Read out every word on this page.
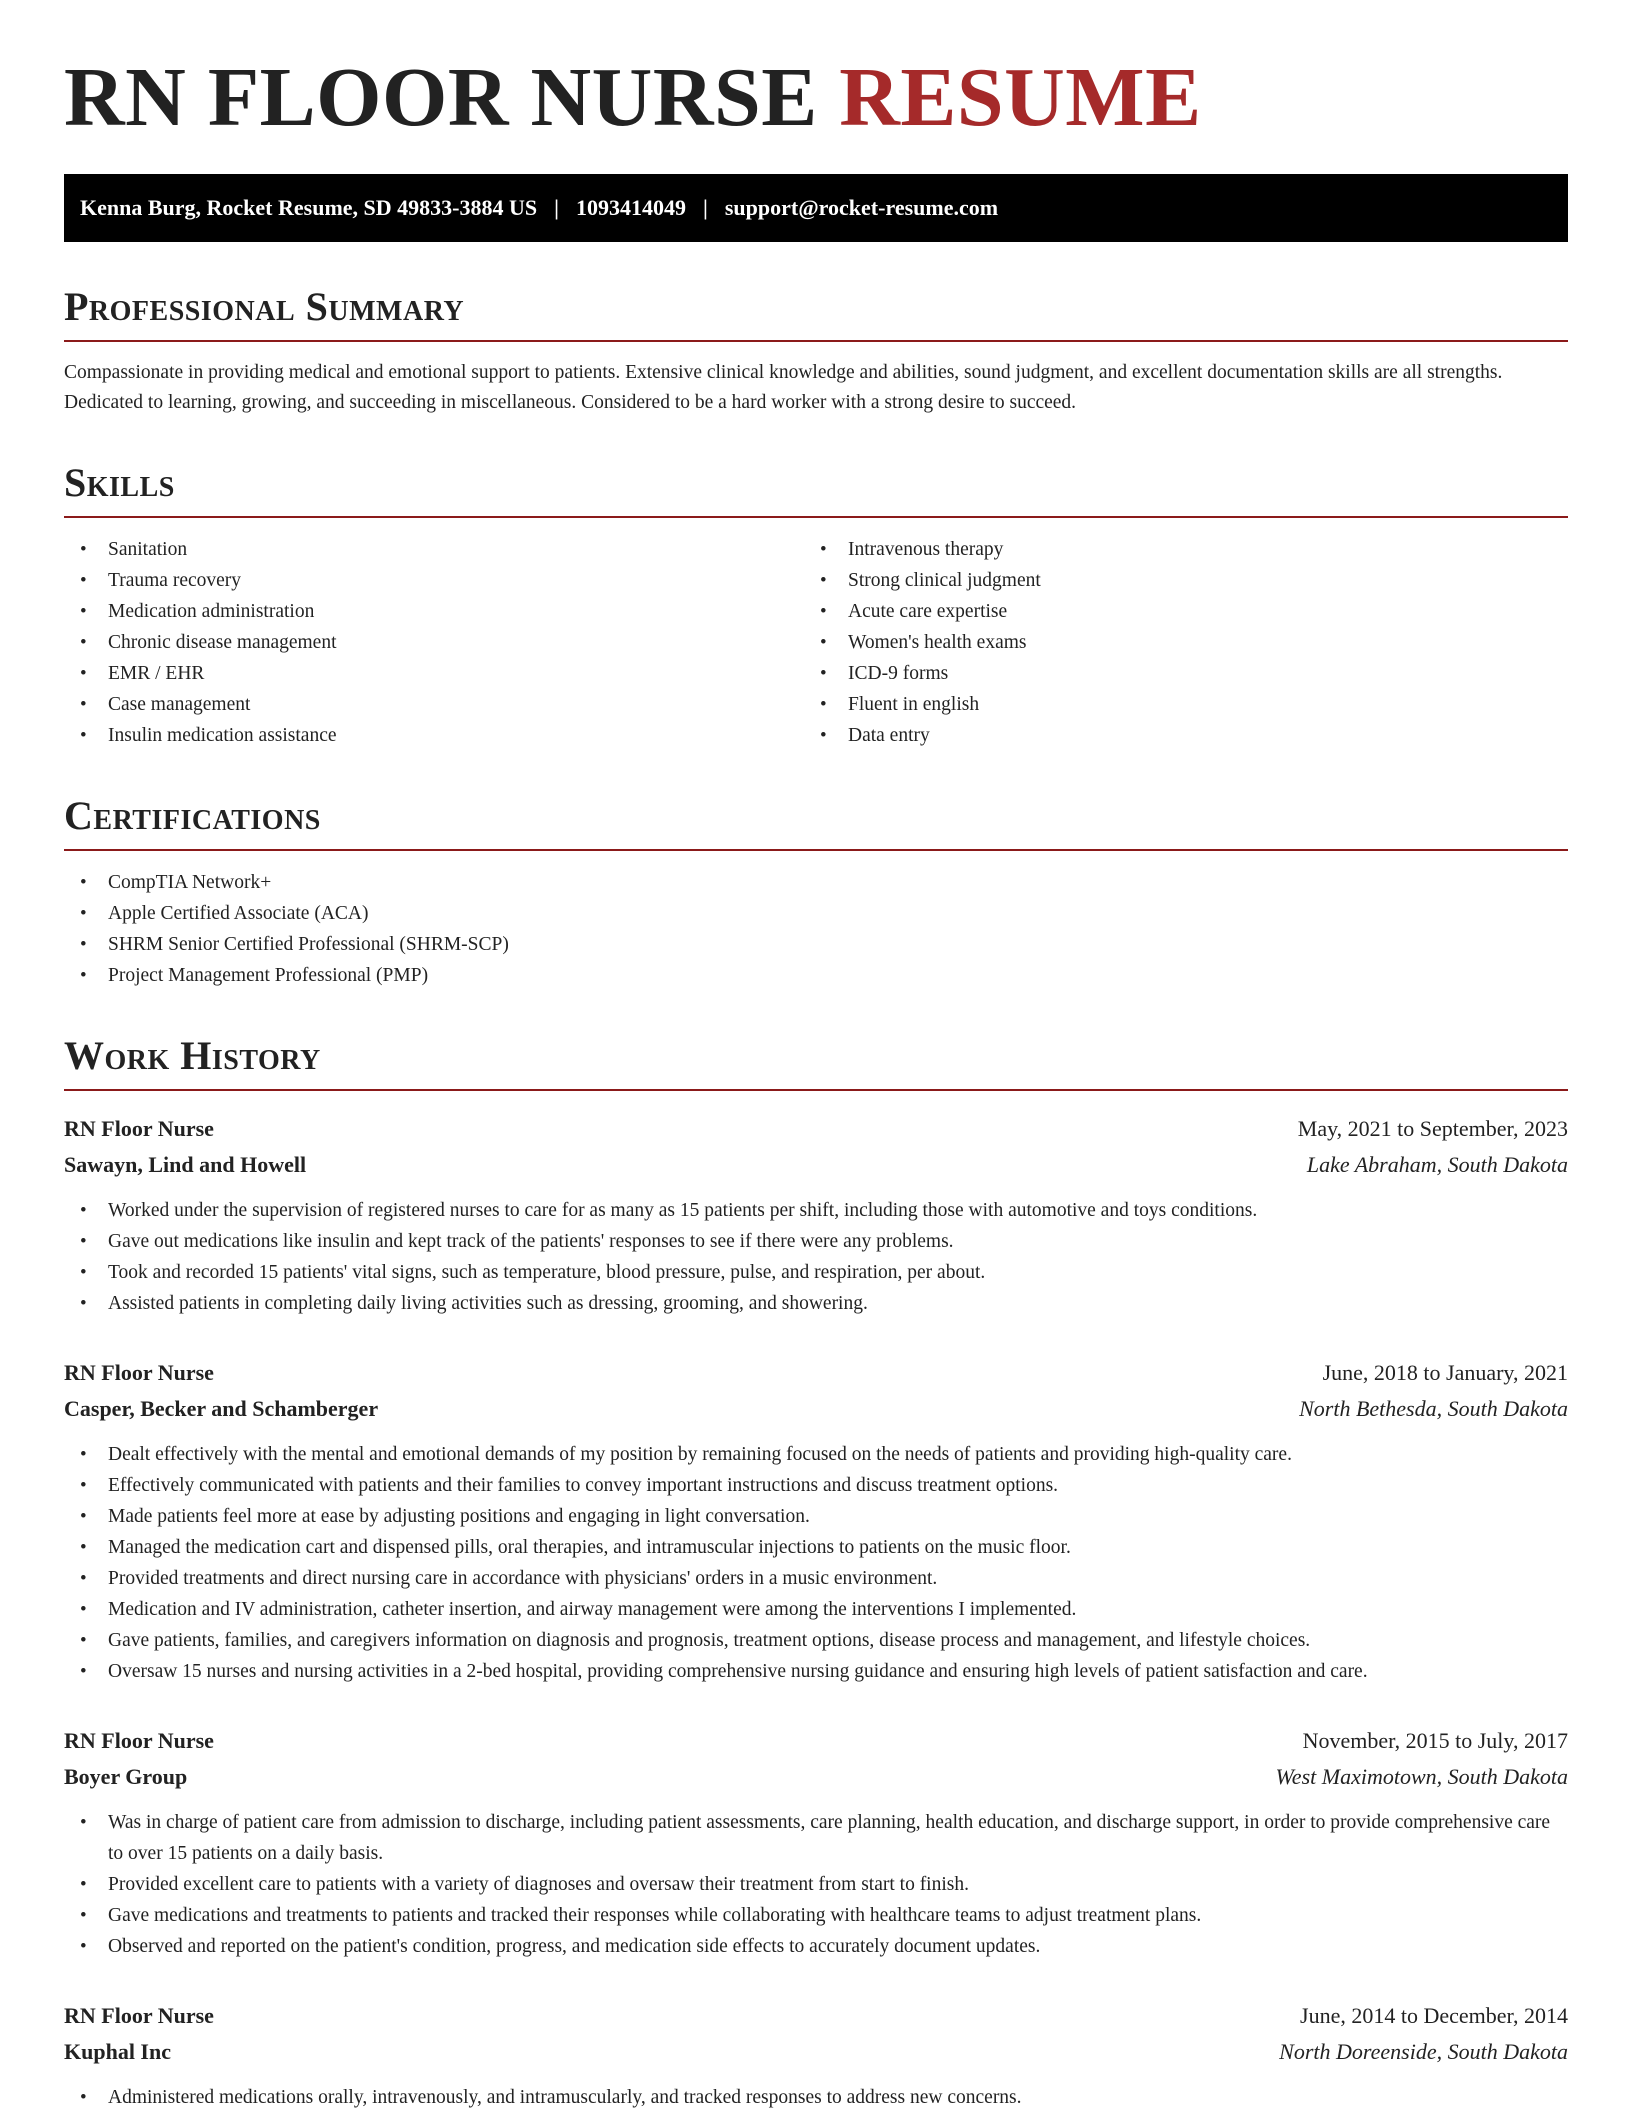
RN FLOOR NURSE RESUME
Kenna Burg, Rocket Resume, SD 49833-3884 US | 1093414049 | support@rocket-resume.com
Professional Summary

Compassionate in providing medical and emotional support to patients. Extensive clinical knowledge and abilities, sound judgment, and excellent documentation skills are all strengths. Dedicated to learning, growing, and succeeding in miscellaneous. Considered to be a hard worker with a strong desire to succeed.

Skills
• Sanitation
• Trauma recovery
• Medication administration
• Chronic disease management
• EMR / EHR
• Case management
• Insulin medication assistance
• Intravenous therapy
• Strong clinical judgment
• Acute care expertise
• Women's health exams
• ICD-9 forms
• Fluent in english
• Data entry
Certifications
• CompTIA Network+
• Apple Certified Associate (ACA)
• SHRM Senior Certified Professional (SHRM-SCP)
• Project Management Professional (PMP)
Work History
RN Floor Nurse	May, 2021 to September, 2023
Sawayn, Lind and Howell	Lake Abraham, South Dakota
• Worked under the supervision of registered nurses to care for as many as 15 patients per shift, including those with automotive and toys conditions.
• Gave out medications like insulin and kept track of the patients' responses to see if there were any problems.
• Took and recorded 15 patients' vital signs, such as temperature, blood pressure, pulse, and respiration, per about.
• Assisted patients in completing daily living activities such as dressing, grooming, and showering.
RN Floor Nurse	June, 2018 to January, 2021
Casper, Becker and Schamberger	North Bethesda, South Dakota
• Dealt effectively with the mental and emotional demands of my position by remaining focused on the needs of patients and providing high-quality care.
• Effectively communicated with patients and their families to convey important instructions and discuss treatment options.
• Made patients feel more at ease by adjusting positions and engaging in light conversation.
• Managed the medication cart and dispensed pills, oral therapies, and intramuscular injections to patients on the music floor.
• Provided treatments and direct nursing care in accordance with physicians' orders in a music environment.
• Medication and IV administration, catheter insertion, and airway management were among the interventions I implemented.
• Gave patients, families, and caregivers information on diagnosis and prognosis, treatment options, disease process and management, and lifestyle choices.
• Oversaw 15 nurses and nursing activities in a 2-bed hospital, providing comprehensive nursing guidance and ensuring high levels of patient satisfaction and care.
RN Floor Nurse	November, 2015 to July, 2017
Boyer Group	West Maximotown, South Dakota
• Was in charge of patient care from admission to discharge, including patient assessments, care planning, health education, and discharge support, in order to provide comprehensive care to over 15 patients on a daily basis.
• Provided excellent care to patients with a variety of diagnoses and oversaw their treatment from start to finish.
• Gave medications and treatments to patients and tracked their responses while collaborating with healthcare teams to adjust treatment plans.
• Observed and reported on the patient's condition, progress, and medication side effects to accurately document updates.
RN Floor Nurse	June, 2014 to December, 2014
Kuphal Inc	North Doreenside, South Dakota
• Administered medications orally, intravenously, and intramuscularly, and tracked responses to address new concerns.
